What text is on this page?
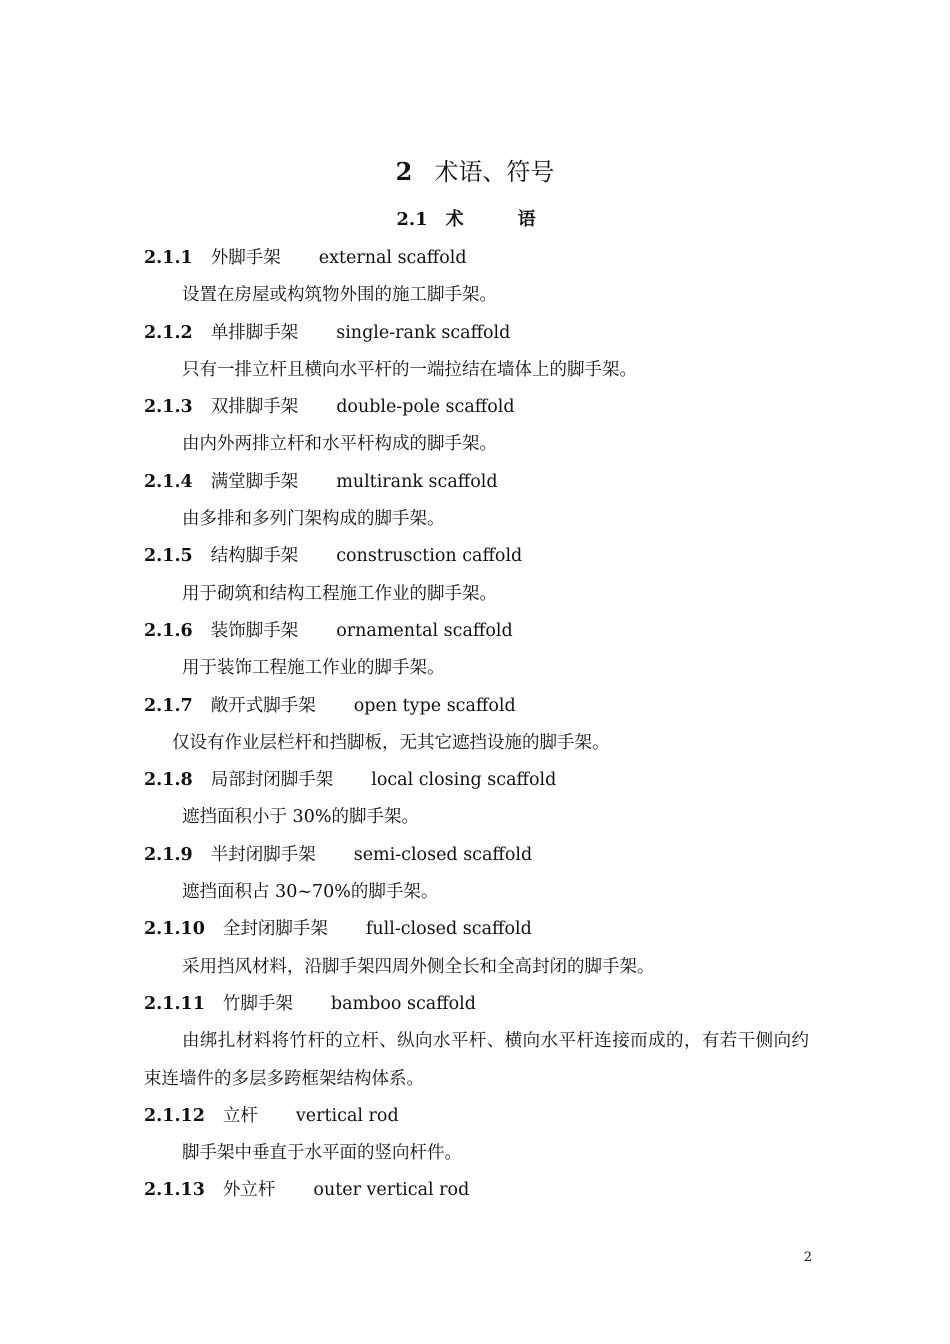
2 术语、符号
2.1 术　语
2.1.1 外脚手架 external scaffold
设置在房屋或构筑物外围的施工脚手架。
2.1.2 单排脚手架 single-rank scaffold
只有一排立杆且横向水平杆的一端拉结在墙体上的脚手架。
2.1.3 双排脚手架 double-pole scaffold
由内外两排立杆和水平杆构成的脚手架。
2.1.4 满堂脚手架 multirank scaffold
由多排和多列门架构成的脚手架。
2.1.5 结构脚手架 construsction caffold
用于砌筑和结构工程施工作业的脚手架。
2.1.6 装饰脚手架 ornamental scaffold
用于装饰工程施工作业的脚手架。
2.1.7 敞开式脚手架 open type scaffold
仅设有作业层栏杆和挡脚板，无其它遮挡设施的脚手架。
2.1.8 局部封闭脚手架 local closing scaffold
遮挡面积小于 30%的脚手架。
2.1.9 半封闭脚手架 semi-closed scaffold
遮挡面积占 30~70%的脚手架。
2.1.10 全封闭脚手架 full-closed scaffold
采用挡风材料，沿脚手架四周外侧全长和全高封闭的脚手架。
2.1.11 竹脚手架 bamboo scaffold
由绑扎材料将竹杆的立杆、纵向水平杆、横向水平杆连接而成的，有若干侧向约束连墙件的多层多跨框架结构体系。
2.1.12 立杆 vertical rod
脚手架中垂直于水平面的竖向杆件。
2.1.13 外立杆 outer vertical rod
2
